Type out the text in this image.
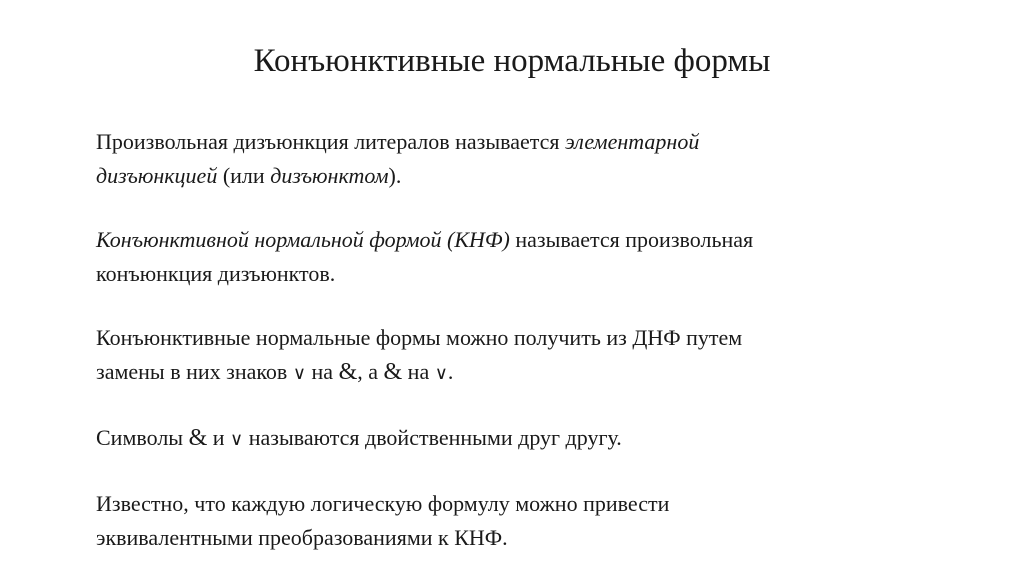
Конъюнктивные нормальные формы

Произвольная дизъюнкция литералов называется элементарной
дизъюнкцией (или дизъюнктом).

Конъюнктивной нормальной формой (КНФ) называется произвольная
конъюнкция дизъюнктов.

Конъюнктивные нормальные формы можно получить из ДНФ путем
замены в них знаков ∨ на &, а & на ∨.

Символы & и ∨ называются двойственными друг другу.

Известно, что каждую логическую формулу можно привести
эквивалентными преобразованиями к КНФ.
